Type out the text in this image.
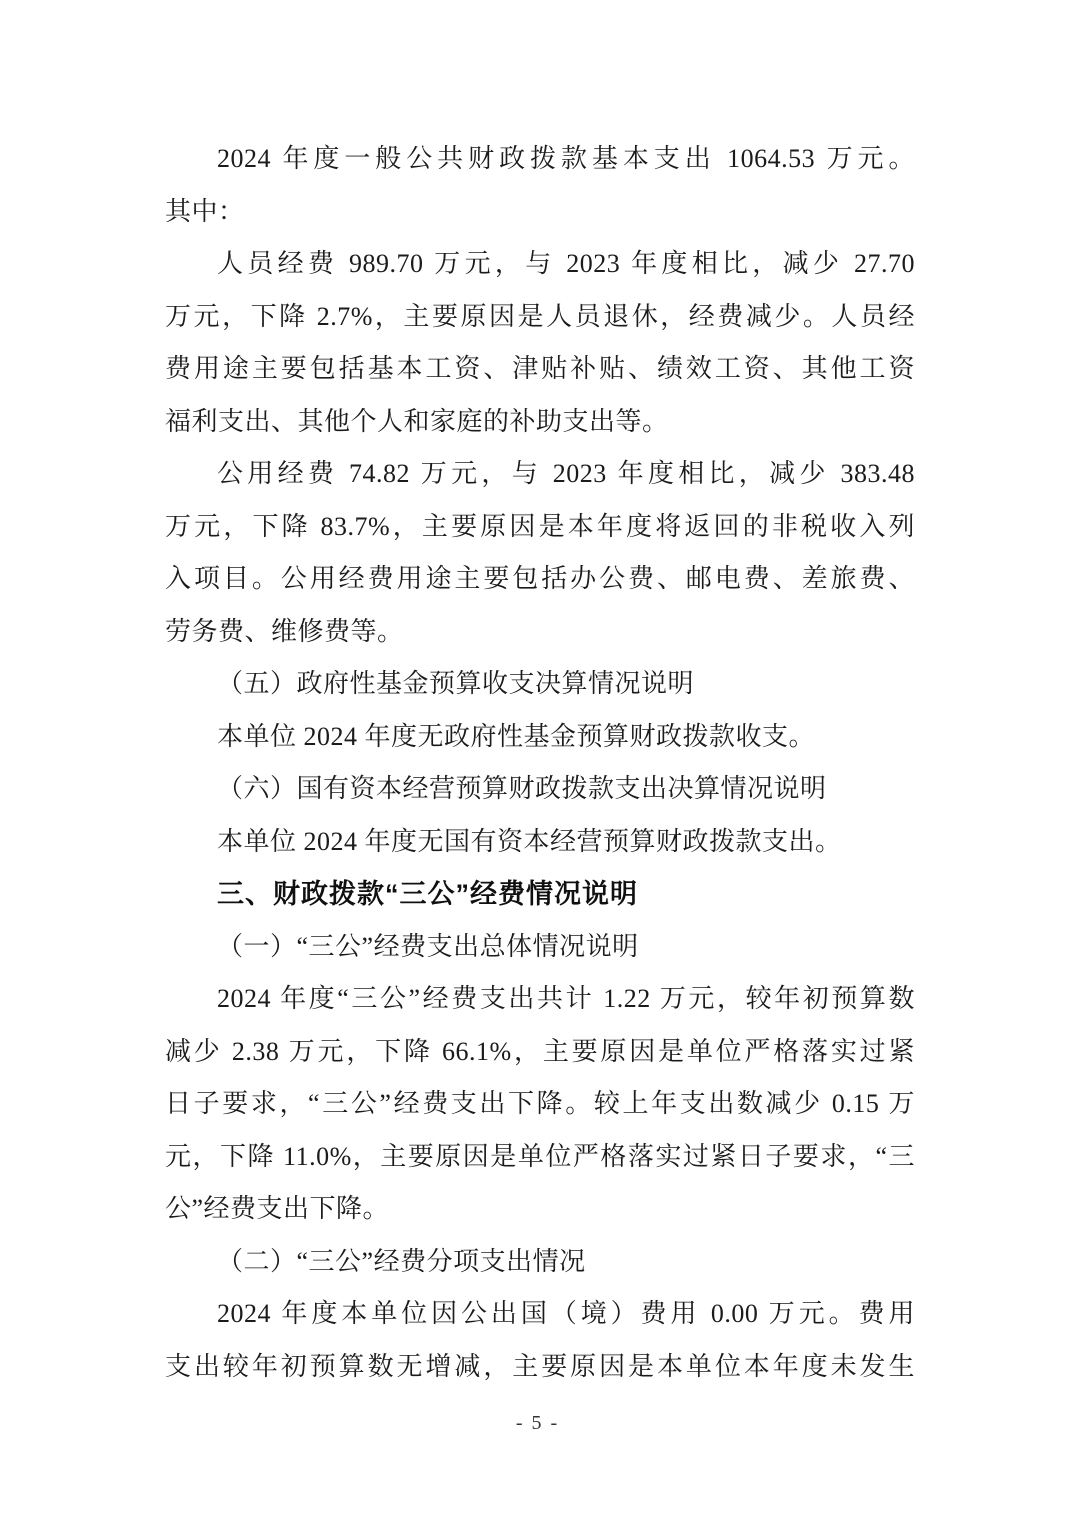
2024 年度一般公共财政拨款基本支出 1064.53 万元。
其中：
人员经费 989.70 万元，与 2023 年度相比，减少 27.70
万元，下降 2.7%，主要原因是人员退休，经费减少。人员经
费用途主要包括基本工资、津贴补贴、绩效工资、其他工资
福利支出、其他个人和家庭的补助支出等。
公用经费 74.82 万元，与 2023 年度相比，减少 383.48
万元，下降 83.7%，主要原因是本年度将返回的非税收入列
入项目。公用经费用途主要包括办公费、邮电费、差旅费、
劳务费、维修费等。
（五）政府性基金预算收支决算情况说明
本单位 2024 年度无政府性基金预算财政拨款收支。
（六）国有资本经营预算财政拨款支出决算情况说明
本单位 2024 年度无国有资本经营预算财政拨款支出。
三、财政拨款“三公”经费情况说明
（一）“三公”经费支出总体情况说明
2024 年度“三公”经费支出共计 1.22 万元，较年初预算数
减少 2.38 万元，下降 66.1%，主要原因是单位严格落实过紧
日子要求，“三公”经费支出下降。较上年支出数减少 0.15 万
元，下降 11.0%，主要原因是单位严格落实过紧日子要求，“三
公”经费支出下降。
（二）“三公”经费分项支出情况
2024 年度本单位因公出国（境）费用 0.00 万元。费用
支出较年初预算数无增减，主要原因是本单位本年度未发生
- 5 -
